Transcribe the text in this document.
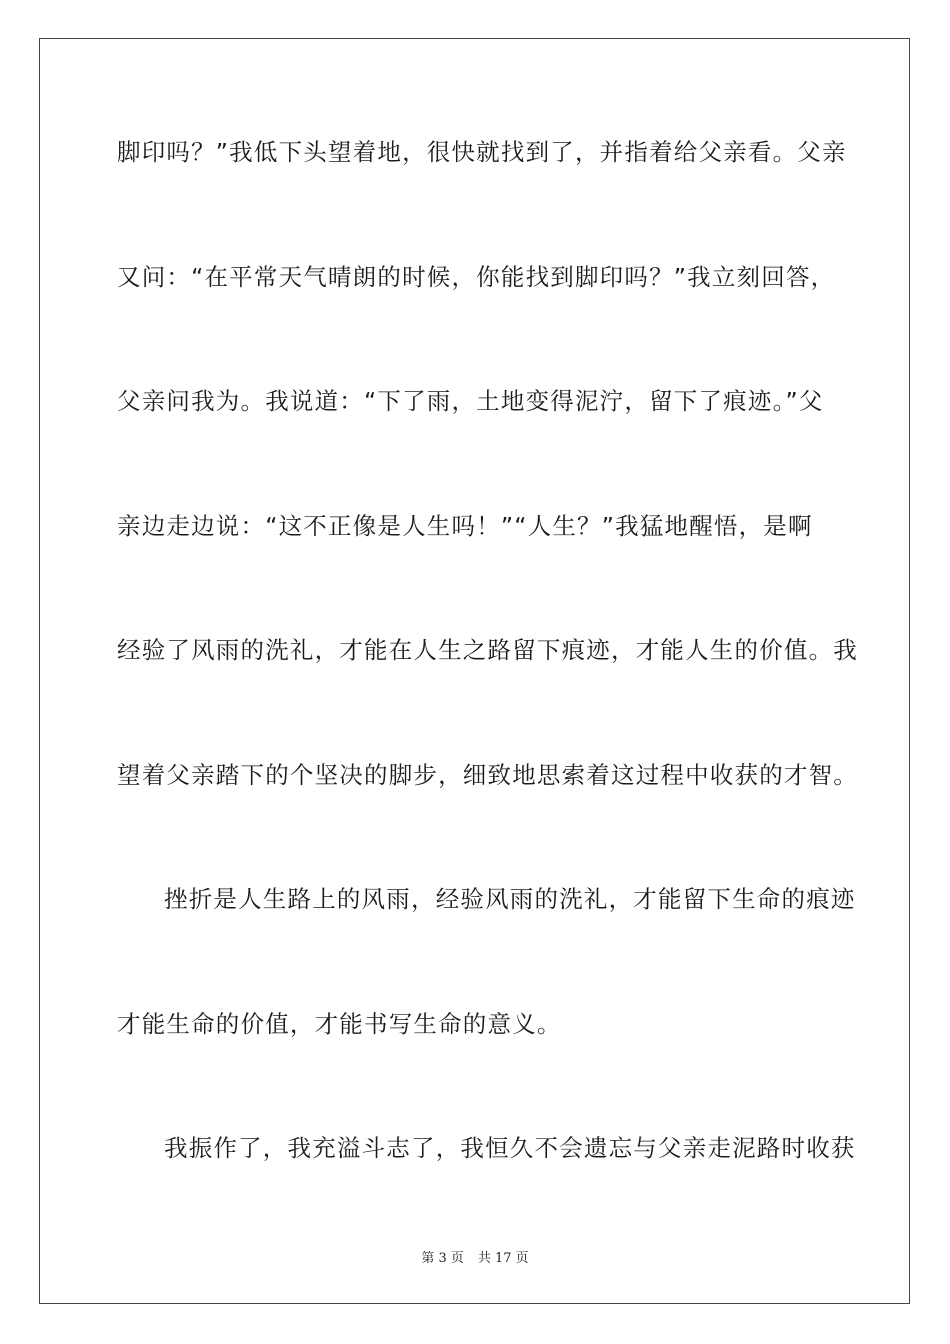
脚印吗？”我低下头望着地，很快就找到了，并指着给父亲看。父亲
又问：“在平常天气晴朗的时候，你能找到脚印吗？”我立刻回答，
父亲问我为。我说道：“下了雨，土地变得泥泞，留下了痕迹。”父
亲边走边说：“这不正像是人生吗！”“人生？”我猛地醒悟，是啊
经验了风雨的洗礼，才能在人生之路留下痕迹，才能人生的价值。我
望着父亲踏下的个坚决的脚步，细致地思索着这过程中收获的才智。
挫折是人生路上的风雨，经验风雨的洗礼，才能留下生命的痕迹
才能生命的价值，才能书写生命的意义。
我振作了，我充溢斗志了，我恒久不会遗忘与父亲走泥路时收获
第 3 页 共 17 页
